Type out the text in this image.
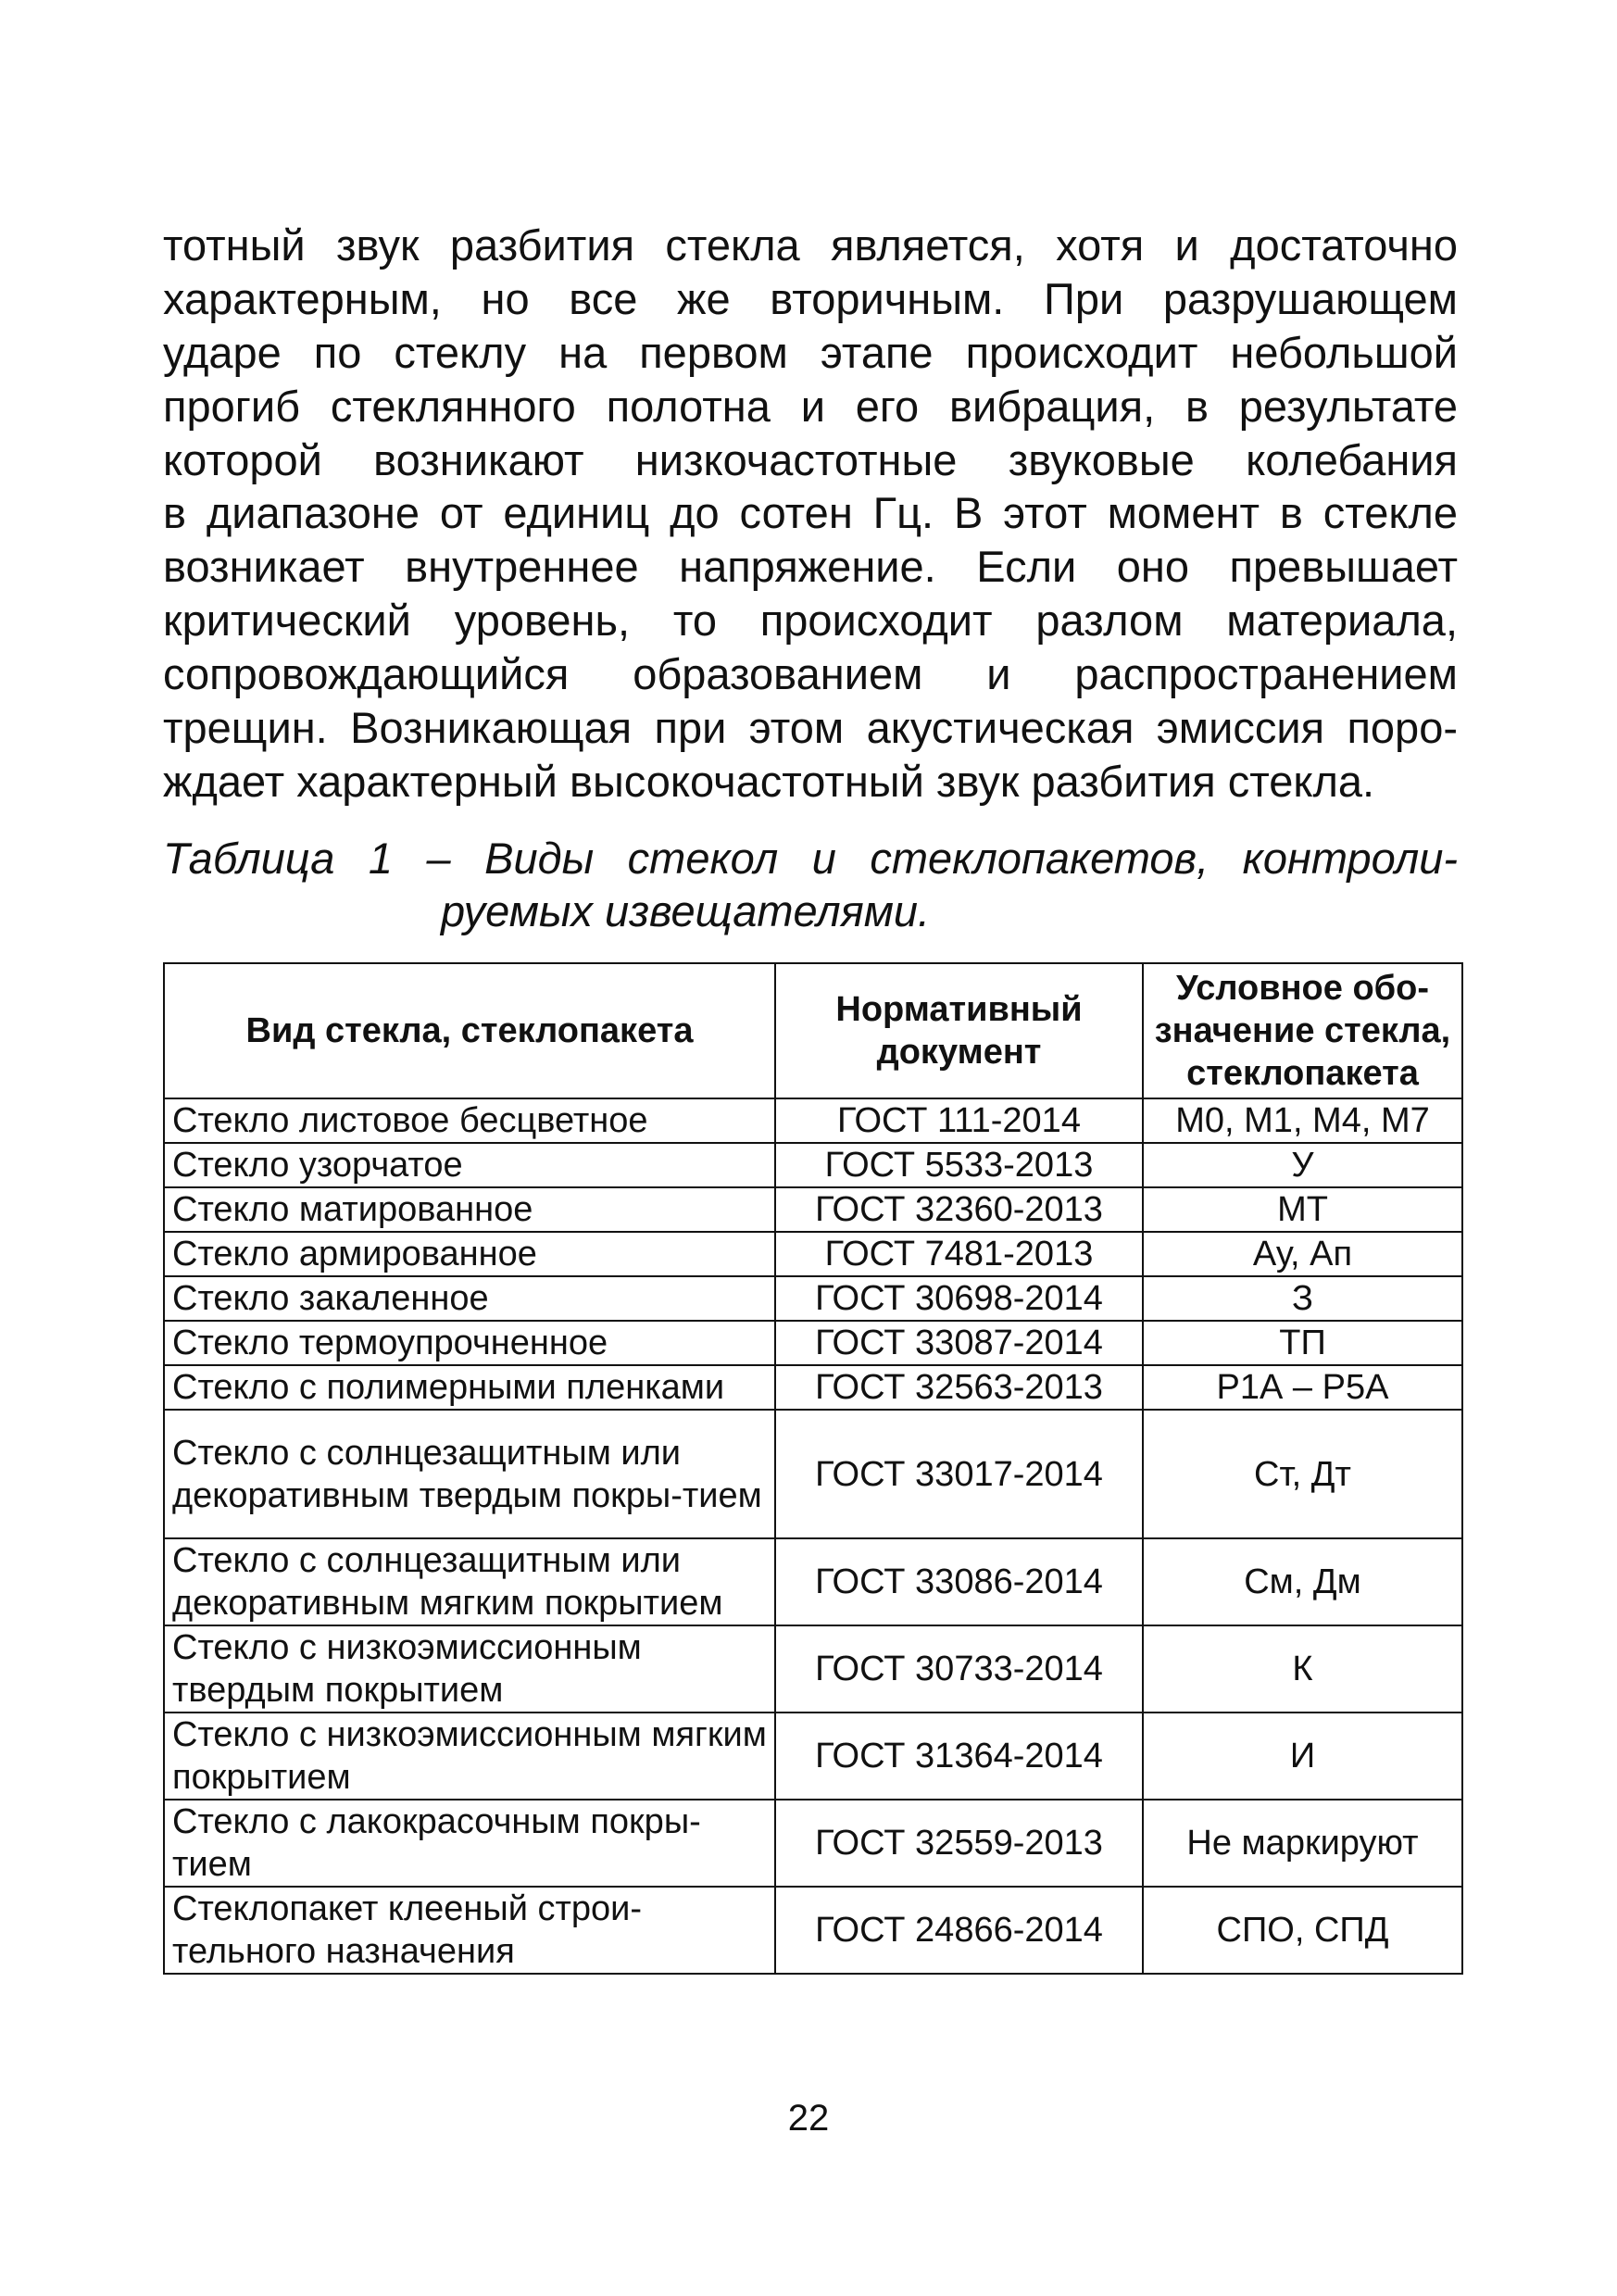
тотный звук разбития стекла является, хотя и достаточно
характерным, но все же вторичным. При разрушающем
ударе по стеклу на первом этапе происходит небольшой
прогиб стеклянного полотна и его вибрация, в результате
которой возникают низкочастотные звуковые колебания
в диапазоне от единиц до сотен Гц. В этот момент в стекле
возникает внутреннее напряжение. Если оно превышает
критический уровень, то происходит разлом материала,
сопровождающийся образованием и распространением
трещин. Возникающая при этом акустическая эмиссия поро-
ждает характерный высокочастотный звук разбития стекла.
Таблица 1 – Виды стекол и стеклопакетов, контроли-
руемых извещателями.
Вид стекла, стеклопакета	Нормативный документ	Условное обо-значение стекла, стеклопакета
Стекло листовое бесцветное	ГОСТ 111-2014	М0, М1, М4, М7
Стекло узорчатое	ГОСТ 5533-2013	У
Стекло матированное	ГОСТ 32360-2013	МТ
Стекло армированное	ГОСТ 7481-2013	Ау, Ап
Стекло закаленное	ГОСТ 30698-2014	З
Стекло термоупрочненное	ГОСТ 33087-2014	ТП
Стекло с полимерными пленками	ГОСТ 32563-2013	Р1А – Р5А
Стекло с солнцезащитным или декоративным твердым покры-тием	ГОСТ 33017-2014	Ст, Дт
Стекло с солнцезащитным или декоративным мягким покрытием	ГОСТ 33086-2014	См, Дм
Стекло с низкоэмиссионным твердым покрытием	ГОСТ 30733-2014	К
Стекло с низкоэмиссионным мягким покрытием	ГОСТ 31364-2014	И
Стекло с лакокрасочным покры-тием	ГОСТ 32559-2013	Не маркируют
Стеклопакет клееный строи-тельного назначения	ГОСТ 24866-2014	СПО, СПД
22
